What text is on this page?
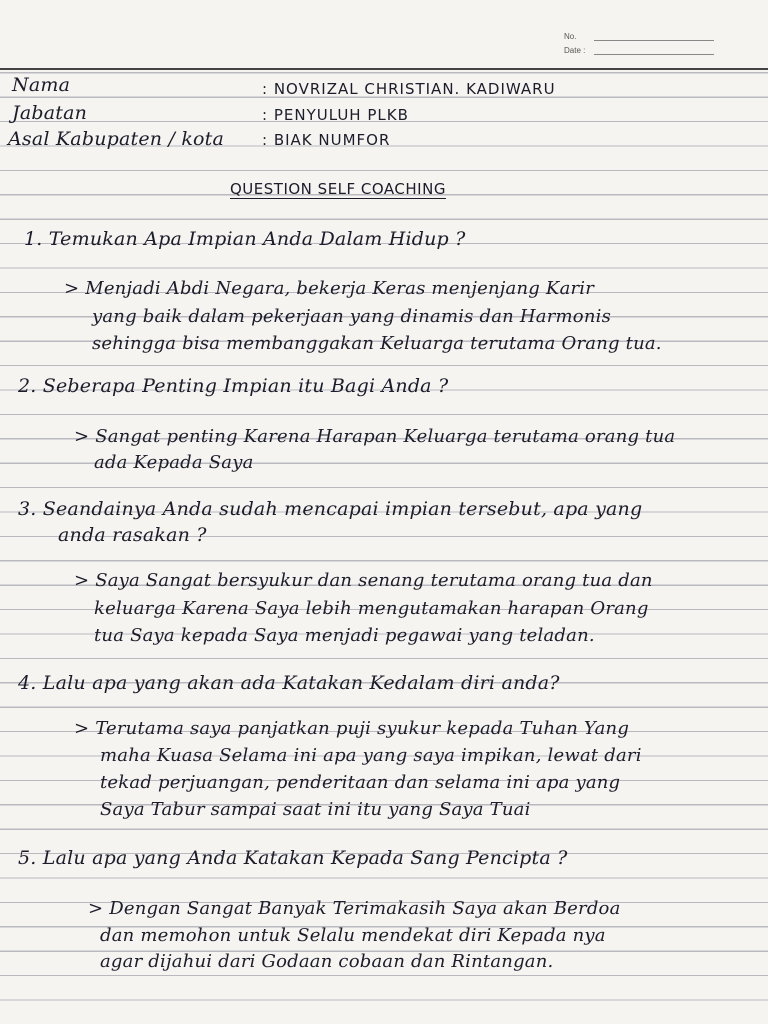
No.
Date :
Nama	: NOVRIZAL CHRISTIAN. KADIWARU
Jabatan	: PENYULUH PLKB
Asal Kabupaten / kota	: BIAK NUMFOR
QUESTION SELF COACHING
1. Temukan Apa Impian Anda Dalam Hidup ?
> Menjadi Abdi Negara, bekerja Keras menjenjang Karir
yang baik dalam pekerjaan yang dinamis dan Harmonis
sehingga bisa membanggakan Keluarga terutama Orang tua.
2. Seberapa Penting Impian itu Bagi Anda ?
> Sangat penting Karena Harapan Keluarga terutama orang tua
ada Kepada Saya
3. Seandainya Anda sudah mencapai impian tersebut, apa yang
anda rasakan ?
> Saya Sangat bersyukur dan senang terutama orang tua dan
keluarga Karena Saya lebih mengutamakan harapan Orang
tua Saya kepada Saya menjadi pegawai yang teladan.
4. Lalu apa yang akan ada Katakan Kedalam diri anda?
> Terutama saya panjatkan puji syukur kepada Tuhan Yang
maha Kuasa Selama ini apa yang saya impikan, lewat dari
tekad perjuangan, penderitaan dan selama ini apa yang
Saya Tabur sampai saat ini itu yang Saya Tuai
5. Lalu apa yang Anda Katakan Kepada Sang Pencipta ?
> Dengan Sangat Banyak Terimakasih Saya akan Berdoa
dan memohon untuk Selalu mendekat diri Kepada nya
agar dijahui dari Godaan cobaan dan Rintangan.
